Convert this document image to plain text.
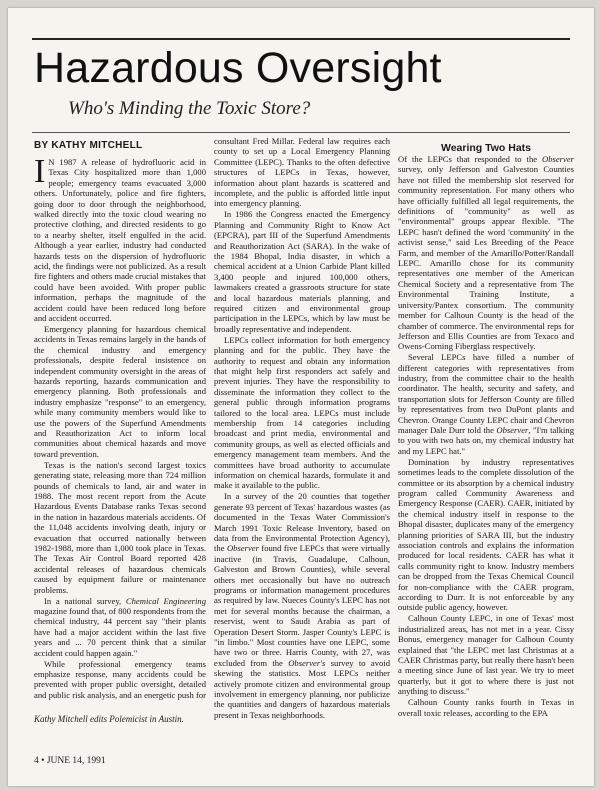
Hazardous Oversight
Who's Minding the Toxic Store?
BY KATHY MITCHELL

I N 1987 A release of hydrofluoric acid in Texas City hospitalized more than 1,000 people; emergency teams evacuated 3,000 others. Unfortunately, police and fire fighters, going door to door through the neighborhood, walked directly into the toxic cloud wearing no protective clothing, and directed residents to go to a nearby shelter, itself engulfed in the acid. Although a year earlier, industry had conducted hazards tests on the dispersion of hydrofluoric acid, the findings were not publicized. As a result fire fighters and others made crucial mistakes that could have been avoided. With proper public information, perhaps the magnitude of the accident could have been reduced long before and accident occurred.

Emergency planning for hazardous chemical accidents in Texas remains largely in the hands of the chemical industry and emergency professionals, despite federal insistence on independent community oversight in the areas of hazards reporting, hazards communication and emergency planning. Both professionals and industry emphasize "response" to an emergency, while many community members would like to use the powers of the Superfund Amendments and Reauthorization Act to inform local communities about chemical hazards and move toward prevention.

Texas is the nation's second largest toxics generating state, releasing more than 724 million pounds of chemicals to land, air and water in 1988. The most recent report from the Acute Hazardous Events Database ranks Texas second in the nation in hazardous materials accidents. Of the 11,048 accidents involving death, injury or evacuation that occurred nationally between 1982-1988, more than 1,000 took place in Texas. The Texas Air Control Board reported 428 accidental releases of hazardous chemicals caused by equipment failure or maintenance problems.

In a national survey, Chemical Engineering magazine found that, of 800 respondents from the chemical industry, 44 percent say "their plants have had a major accident within the last five years and ... 70 percent think that a similar accident could happen again."

While professional emergency teams emphasize response, many accidents could be prevented with proper public oversight, detailed and public risk analysis, and an energetic push for

Kathy Mitchell edits Polemicist in Austin.

consultant Fred Millar. Federal law requires each county to set up a Local Emergency Planning Committee (LEPC). Thanks to the often defective structures of LEPCs in Texas, however, information about plant hazards is scattered and incomplete, and the public is afforded little input into emergency planning.

In 1986 the Congress enacted the Emergency Planning and Community Right to Know Act (EPCRA), part III of the Superfund Amendments and Reauthorization Act (SARA). In the wake of the 1984 Bhopal, India disaster, in which a chemical accident at a Union Carbide Plant killed 3,400 people and injured 100,000 others, lawmakers created a grassroots structure for state and local hazardous materials planning, and required citizen and environmental group participation in the LEPCs, which by law must be broadly representative and independent.

LEPCs collect information for both emergency planning and for the public. They have the authority to request and obtain any information that might help first responders act safely and prevent injuries. They have the responsibility to disseminate the information they collect to the general public through information programs tailored to the local area. LEPCs must include membership from 14 categories including broadcast and print media, environmental and community groups, as well as elected officials and emergency management team members. And the committees have broad authority to accumulate information on chemical hazards, formulate it and make it available to the public.

In a survey of the 20 counties that together generate 93 percent of Texas' hazardous wastes (as documented in the Texas Water Commission's March 1991 Toxic Release Inventory, based on data from the Environmental Protection Agency), the Observer found five LEPCs that were virtually inactive (in Travis, Guadalupe, Calhoun, Galveston and Brown Counties), while several others met occasionally but have no outreach programs or information management procedures as required by law. Nueces County's LEPC has not met for several months because the chairman, a reservist, went to Saudi Arabia as part of Operation Desert Storm. Jasper County's LEPC is "in limbo." Most counties have one LEPC, some have two or three. Harris County, with 27, was excluded from the Observer's survey to avoid skewing the statistics. Most LEPCs neither actively promote citizen and environmental group involvement in emergency planning, nor publicize the quantities and dangers of hazardous materials present in Texas neighborhoods.

Wearing Two Hats

Of the LEPCs that responded to the Observer survey, only Jefferson and Galveston Counties have not filled the membership slot reserved for community representation. For many others who have officially fulfilled all legal requirements, the definitions of "community" as well as "environmental" groups appear flexible. "The LEPC hasn't defined the word 'community' in the activist sense," said Les Breeding of the Peace Farm, and member of the Amarillo/Potter/Randall LEPC. Amarillo chose for its community representatives one member of the American Chemical Society and a representative from The Environmental Training Institute, a university/Pantex consortium. The community member for Calhoun County is the head of the chamber of commerce. The environmental reps for Jefferson and Ellis Counties are from Texaco and Owens-Corning Fiberglass respectively.

Several LEPCs have filled a number of different categories with representatives from industry, from the committee chair to the health coordinator. The health, security and safety, and transportation slots for Jefferson County are filled by representatives from two DuPont plants and Chevron. Orange County LEPC chair and Chevron manager Dale Durr told the Observer, "I'm talking to you with two hats on, my chemical industry hat and my LEPC hat."

Domination by industry representatives sometimes leads to the complete dissolution of the committee or its absorption by a chemical industry program called Community Awareness and Emergency Response (CAER). CAER, initiated by the chemical industry itself in response to the Bhopal disaster, duplicates many of the emergency planning priorities of SARA III, but the industry association controls and explains the information produced for local residents. CAER has what it calls community right to know. Industry members can be dropped from the Texas Chemical Council for non-compliance with the CAER program, according to Durr. It is not enforceable by any outside public agency, however.

Calhoun County LEPC, in one of Texas' most industrialized areas, has not met in a year. Cissy Bonus, emergency manager for Calhoun County explained that "the LEPC met last Christmas at a CAER Christmas party, but really there hasn't been a meeting since June of last year. We try to meet quarterly, but it got to where there is just not anything to discuss."

Calhoun County ranks fourth in Texas in overall toxic releases, according to the EPA

4 • JUNE 14, 1991
